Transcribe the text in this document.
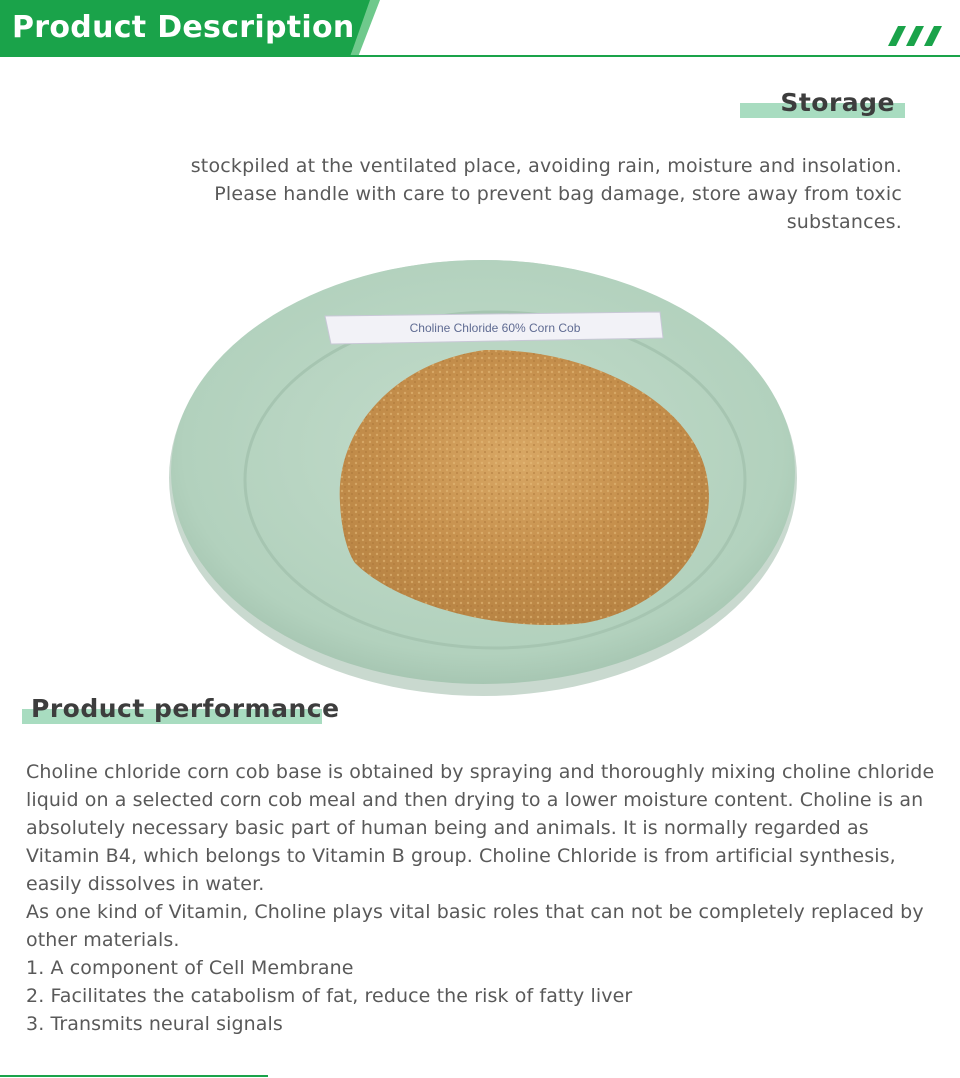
Product Description
Storage
stockpiled at the ventilated place, avoiding rain, moisture and insolation. Please handle with care to prevent bag damage, store away from toxic substances.
Choline Chloride 60% Corn Cob
Product performance

Choline chloride corn cob base is obtained by spraying and thoroughly mixing choline chloride liquid on a selected corn cob meal and then drying to a lower moisture content. Choline is an absolutely necessary basic part of human being and animals. It is normally regarded as Vitamin B4, which belongs to Vitamin B group. Choline Chloride is from artificial synthesis, easily dissolves in water.

As one kind of Vitamin, Choline plays vital basic roles that can not be completely replaced by other materials.

1. A component of Cell Membrane

2. Facilitates the catabolism of fat, reduce the risk of fatty liver

3. Transmits neural signals
